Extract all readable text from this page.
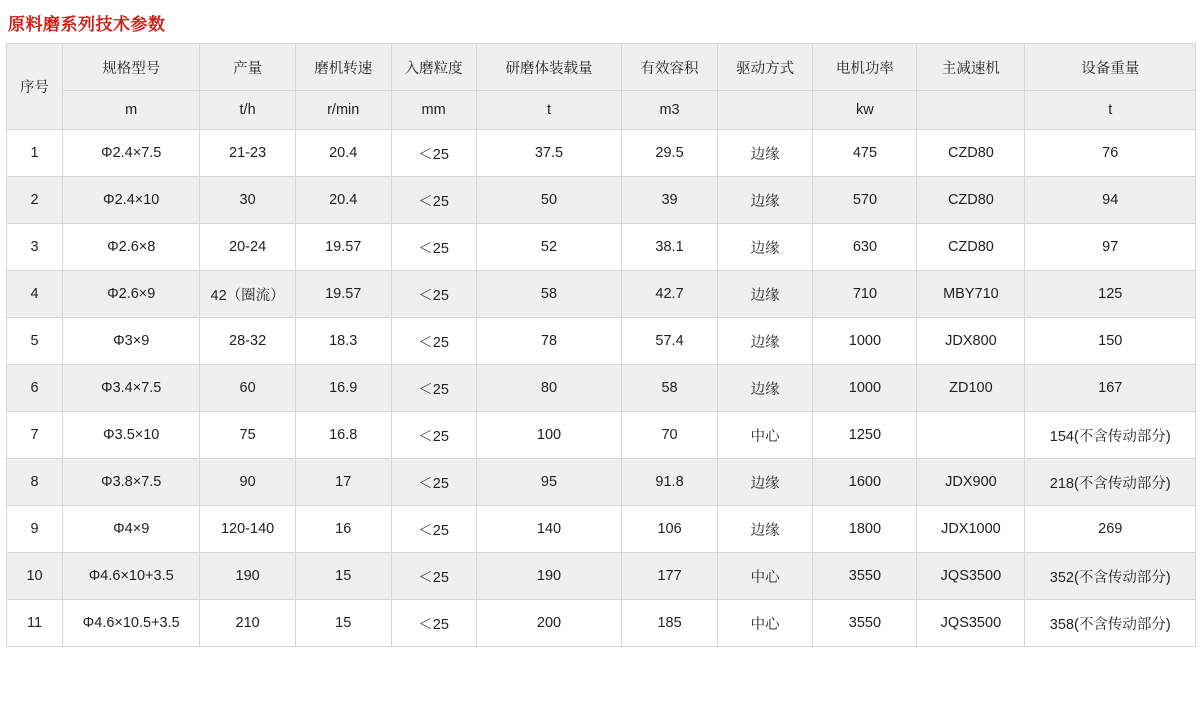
原料磨系列技术参数
序号	规格型号	产量	磨机转速	入磨粒度	研磨体装载量	有效容积	驱动方式	电机功率	主减速机	设备重量
	m	t/h	r/min	mm	t	m3		kw		t
1	Φ2.4×7.5	21-23	20.4	＜25	37.5	29.5	边缘	475	CZD80	76
2	Φ2.4×10	30	20.4	＜25	50	39	边缘	570	CZD80	94
3	Φ2.6×8	20-24	19.57	＜25	52	38.1	边缘	630	CZD80	97
4	Φ2.6×9	42（圈流）	19.57	＜25	58	42.7	边缘	710	MBY710	125
5	Φ3×9	28-32	18.3	＜25	78	57.4	边缘	1000	JDX800	150
6	Φ3.4×7.5	60	16.9	＜25	80	58	边缘	1000	ZD100	167
7	Φ3.5×10	75	16.8	＜25	100	70	中心	1250		154(不含传动部分)
8	Φ3.8×7.5	90	17	＜25	95	91.8	边缘	1600	JDX900	218(不含传动部分)
9	Φ4×9	120-140	16	＜25	140	106	边缘	1800	JDX1000	269
10	Φ4.6×10+3.5	190	15	＜25	190	177	中心	3550	JQS3500	352(不含传动部分)
11	Φ4.6×10.5+3.5	210	15	＜25	200	185	中心	3550	JQS3500	358(不含传动部分)
